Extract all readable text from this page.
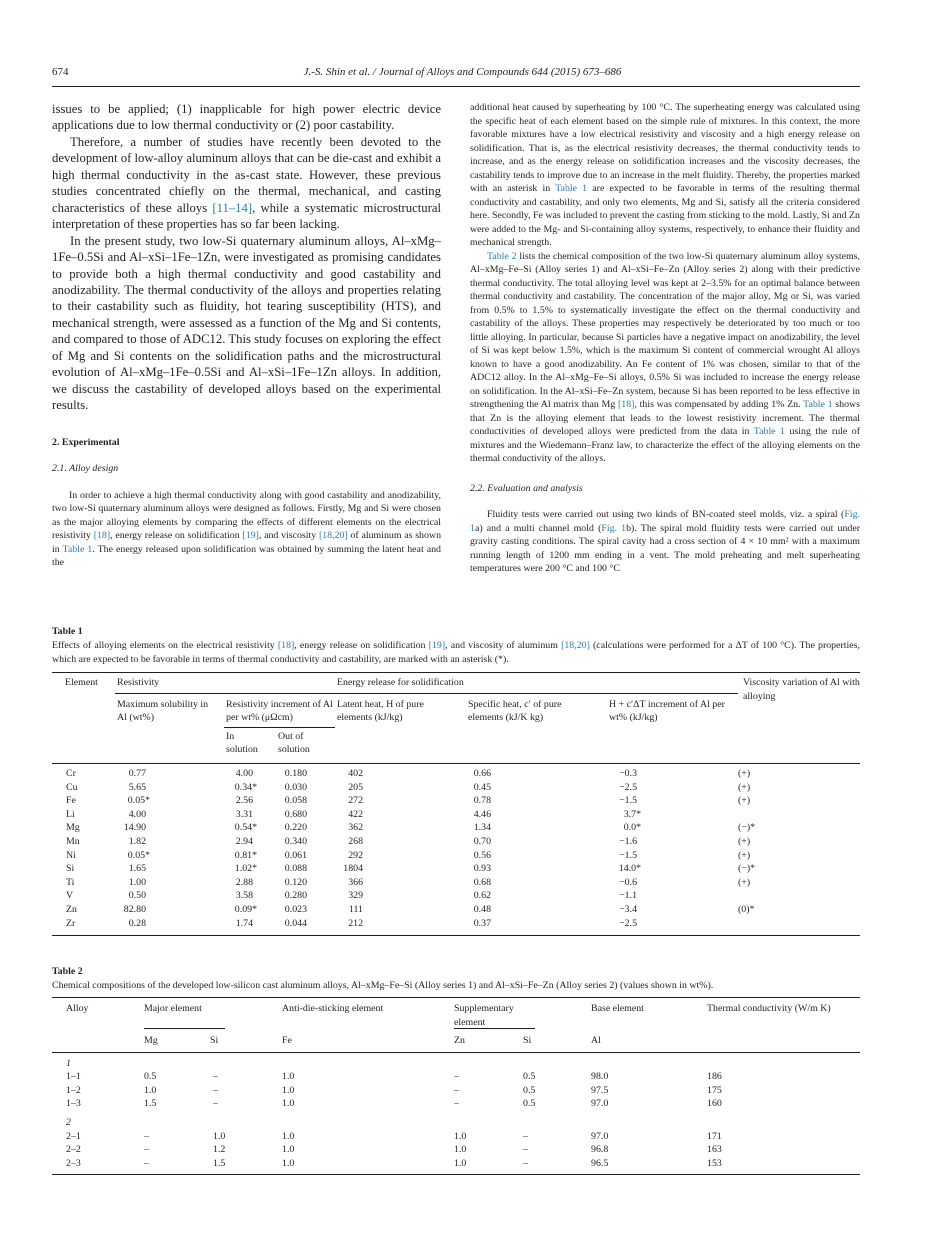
674	J.-S. Shin et al. / Journal of Alloys and Compounds 644 (2015) 673–686

issues to be applied; (1) inapplicable for high power electric device applications due to low thermal conductivity or (2) poor castability.

Therefore, a number of studies have recently been devoted to the development of low-alloy aluminum alloys that can be die-cast and exhibit a high thermal conductivity in the as-cast state. However, these previous studies concentrated chiefly on the thermal, mechanical, and casting characteristics of these alloys [11–14], while a systematic microstructural interpretation of these properties has so far been lacking.

In the present study, two low-Si quaternary aluminum alloys, Al–xMg–1Fe–0.5Si and Al–xSi–1Fe–1Zn, were investigated as promising candidates to provide both a high thermal conductivity and good castability and anodizability. The thermal conductivity of the alloys and properties relating to their castability such as fluidity, hot tearing susceptibility (HTS), and mechanical strength, were assessed as a function of the Mg and Si contents, and compared to those of ADC12. This study focuses on exploring the effect of Mg and Si contents on the solidification paths and the microstructural evolution of Al–xMg–1Fe–0.5Si and Al–xSi–1Fe–1Zn alloys. In addition, we discuss the castability of developed alloys based on the experimental results.

2. Experimental

2.1. Alloy design

In order to achieve a high thermal conductivity along with good castability and anodizability, two low-Si quaternary aluminum alloys were designed as follows. Firstly, Mg and Si were chosen as the major alloying elements by comparing the effects of different elements on the electrical resistivity [18], energy release on solidification [19], and viscosity [18,20] of aluminum as shown in Table 1. The energy released upon solidification was obtained by summing the latent heat and the

additional heat caused by superheating by 100 °C. The superheating energy was calculated using the specific heat of each element based on the simple rule of mixtures. In this context, the more favorable mixtures have a low electrical resistivity and viscosity and a high energy release on solidification. That is, as the electrical resistivity decreases, the thermal conductivity tends to increase, and as the energy release on solidification increases and the viscosity decreases, the castability tends to improve due to an increase in the melt fluidity. Thereby, the properties marked with an asterisk in Table 1 are expected to be favorable in terms of the resulting thermal conductivity and castability, and only two elements, Mg and Si, satisfy all the criteria considered here. Secondly, Fe was included to prevent the casting from sticking to the mold. Lastly, Si and Zn were added to the Mg- and Si-containing alloy systems, respectively, to enhance their fluidity and mechanical strength.

Table 2 lists the chemical composition of the two low-Si quaternary aluminum alloy systems, Al–xMg–Fe–Si (Alloy series 1) and Al–xSi–Fe–Zn (Alloy series 2) along with their predictive thermal conductivity. The total alloying level was kept at 2–3.5% for an optimal balance between thermal conductivity and castability. The concentration of the major alloy, Mg or Si, was varied from 0.5% to 1.5% to systematically investigate the effect on the thermal conductivity and castability of the alloys. These properties may respectively be deteriorated by too much or too little alloying. In particular, because Si particles have a negative impact on anodizability, the level of Si was kept below 1.5%, which is the maximum Si content of commercial wrought Al alloys known to have a good anodizability. An Fe content of 1% was chosen, similar to that of the ADC12 alloy. In the Al–xMg–Fe–Si alloys, 0.5% Si was included to increase the energy release on solidification. In the Al–xSi–Fe–Zn system, because Si has been reported to be less effective in strengthening the Al matrix than Mg [18], this was compensated by adding 1% Zn. Table 1 shows that Zn is the alloying element that leads to the lowest resistivity increment. The thermal conductivities of developed alloys were predicted from the data in Table 1 using the rule of mixtures and the Wiedemann–Franz law, to characterize the effect of the alloying elements on the thermal conductivity of the alloys.

2.2. Evaluation and analysis

Fluidity tests were carried out using two kinds of BN-coated steel molds, viz. a spiral (Fig. 1a) and a multi channel mold (Fig. 1b). The spiral mold fluidity tests were carried out under gravity casting conditions. The spiral cavity had a cross section of 4 × 10 mm² with a maximum running length of 1200 mm ending in a vent. The mold preheating and melt superheating temperatures were 200 °C and 100 °C

Table 1
Effects of alloying elements on the electrical resistivity [18], energy release on solidification [19], and viscosity of aluminum [18,20] (calculations were performed for a ΔT of 100 °C). The properties, which are expected to be favorable in terms of thermal conductivity and castability, are marked with an asterisk (*).
Element	Resistivity			Energy release for solidification			Viscosity variation of Al with alloying
	Maximum solubility in Al (wt%)	Resistivity increment of Al per wt% (μΩcm)		Latent heat, H of pure elements (kJ/kg)	Specific heat, c′ of pure elements (kJ/K kg)	H + c′ΔT increment of Al per wt% (kJ/kg)	
		In solution	Out of solution				
Cr	0.77	4.00	0.180	402	0.66	−0.3	(+)
Cu	5.65	0.34*	0.030	205	0.45	−2.5	(+)
Fe	0.05*	2.56	0.058	272	0.78	−1.5	(+)
Li	4.00	3.31	0.680	422	4.46	3.7*	
Mg	14.90	0.54*	0.220	362	1.34	0.0*	(−)*
Mn	1.82	2.94	0.340	268	0.70	−1.6	(+)
Ni	0.05*	0.81*	0.061	292	0.56	−1.5	(+)
Si	1.65	1.02*	0.088	1804	0.93	14.0*	(−)*
Ti	1.00	2.88	0.120	366	0.68	−0.6	(+)
V	0.50	3.58	0.280	329	0.62	−1.1	
Zn	82.80	0.09*	0.023	111	0.48	−3.4	(0)*
Zr	0.28	1.74	0.044	212	0.37	−2.5	
Table 2
Chemical compositions of the developed low-silicon cast aluminum alloys, Al–xMg–Fe–Si (Alloy series 1) and Al–xSi–Fe–Zn (Alloy series 2) (values shown in wt%).
Alloy	Major element		Anti-die-sticking element	Supplementary element		Base element	Thermal conductivity (W/m K)
	Mg	Si	Fe	Zn	Si	Al	
1							
1–1	0.5	–	1.0	–	0.5	98.0	186
1–2	1.0	–	1.0	–	0.5	97.5	175
1–3	1.5	–	1.0	–	0.5	97.0	160
2							
2–1	–	1.0	1.0	1.0	–	97.0	171
2–2	–	1.2	1.0	1.0	–	96.8	163
2–3	–	1.5	1.0	1.0	–	96.5	153
